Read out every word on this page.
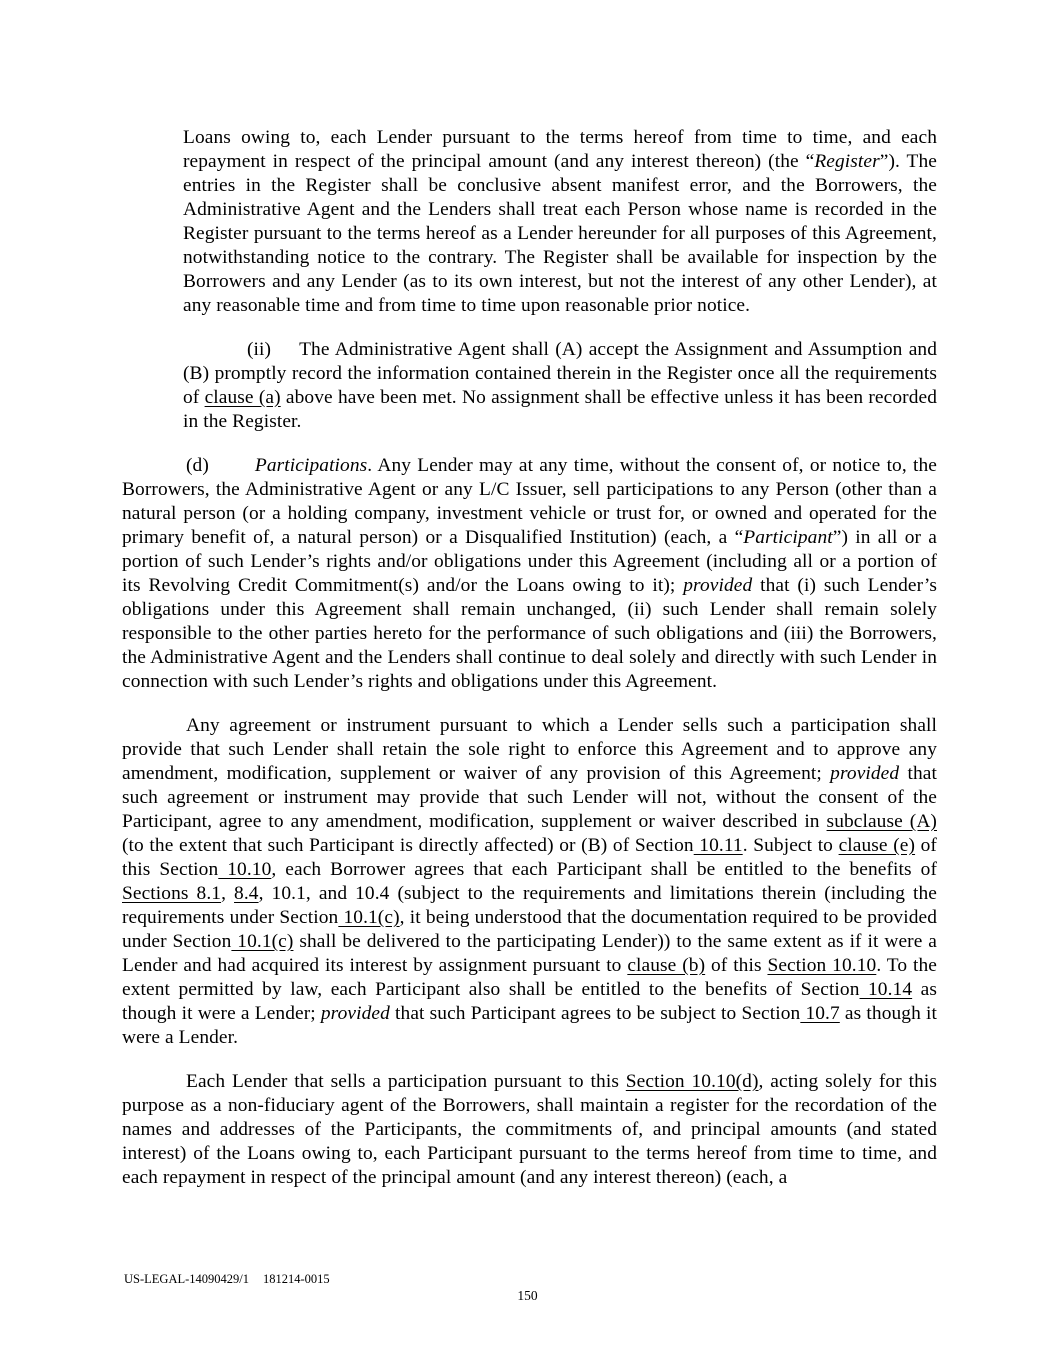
Loans owing to, each Lender pursuant to the terms hereof from time to time, and each repayment in respect of the principal amount (and any interest thereon) (the “Register”). The entries in the Register shall be conclusive absent manifest error, and the Borrowers, the Administrative Agent and the Lenders shall treat each Person whose name is recorded in the Register pursuant to the terms hereof as a Lender hereunder for all purposes of this Agreement, notwithstanding notice to the contrary. The Register shall be available for inspection by the Borrowers and any Lender (as to its own interest, but not the interest of any other Lender), at any reasonable time and from time to time upon reasonable prior notice.

(ii) The Administrative Agent shall (A) accept the Assignment and Assumption and (B) promptly record the information contained therein in the Register once all the requirements of clause (a) above have been met. No assignment shall be effective unless it has been recorded in the Register.

(d) Participations. Any Lender may at any time, without the consent of, or notice to, the Borrowers, the Administrative Agent or any L/C Issuer, sell participations to any Person (other than a natural person (or a holding company, investment vehicle or trust for, or owned and operated for the primary benefit of, a natural person) or a Disqualified Institution) (each, a “Participant”) in all or a portion of such Lender’s rights and/or obligations under this Agreement (including all or a portion of its Revolving Credit Commitment(s) and/or the Loans owing to it); provided that (i) such Lender’s obligations under this Agreement shall remain unchanged, (ii) such Lender shall remain solely responsible to the other parties hereto for the performance of such obligations and (iii) the Borrowers, the Administrative Agent and the Lenders shall continue to deal solely and directly with such Lender in connection with such Lender’s rights and obligations under this Agreement.

Any agreement or instrument pursuant to which a Lender sells such a participation shall provide that such Lender shall retain the sole right to enforce this Agreement and to approve any amendment, modification, supplement or waiver of any provision of this Agreement; provided that such agreement or instrument may provide that such Lender will not, without the consent of the Participant, agree to any amendment, modification, supplement or waiver described in subclause (A) (to the extent that such Participant is directly affected) or (B) of Section 10.11. Subject to clause (e) of this Section 10.10, each Borrower agrees that each Participant shall be entitled to the benefits of Sections 8.1, 8.4, 10.1, and 10.4 (subject to the requirements and limitations therein (including the requirements under Section 10.1(c), it being understood that the documentation required to be provided under Section 10.1(c) shall be delivered to the participating Lender)) to the same extent as if it were a Lender and had acquired its interest by assignment pursuant to clause (b) of this Section 10.10. To the extent permitted by law, each Participant also shall be entitled to the benefits of Section 10.14 as though it were a Lender; provided that such Participant agrees to be subject to Section 10.7 as though it were a Lender.

Each Lender that sells a participation pursuant to this Section 10.10(d), acting solely for this purpose as a non-fiduciary agent of the Borrowers, shall maintain a register for the recordation of the names and addresses of the Participants, the commitments of, and principal amounts (and stated interest) of the Loans owing to, each Participant pursuant to the terms hereof from time to time, and each repayment in respect of the principal amount (and any interest thereon) (each, a

US-LEGAL-14090429/1 181214-0015
150
